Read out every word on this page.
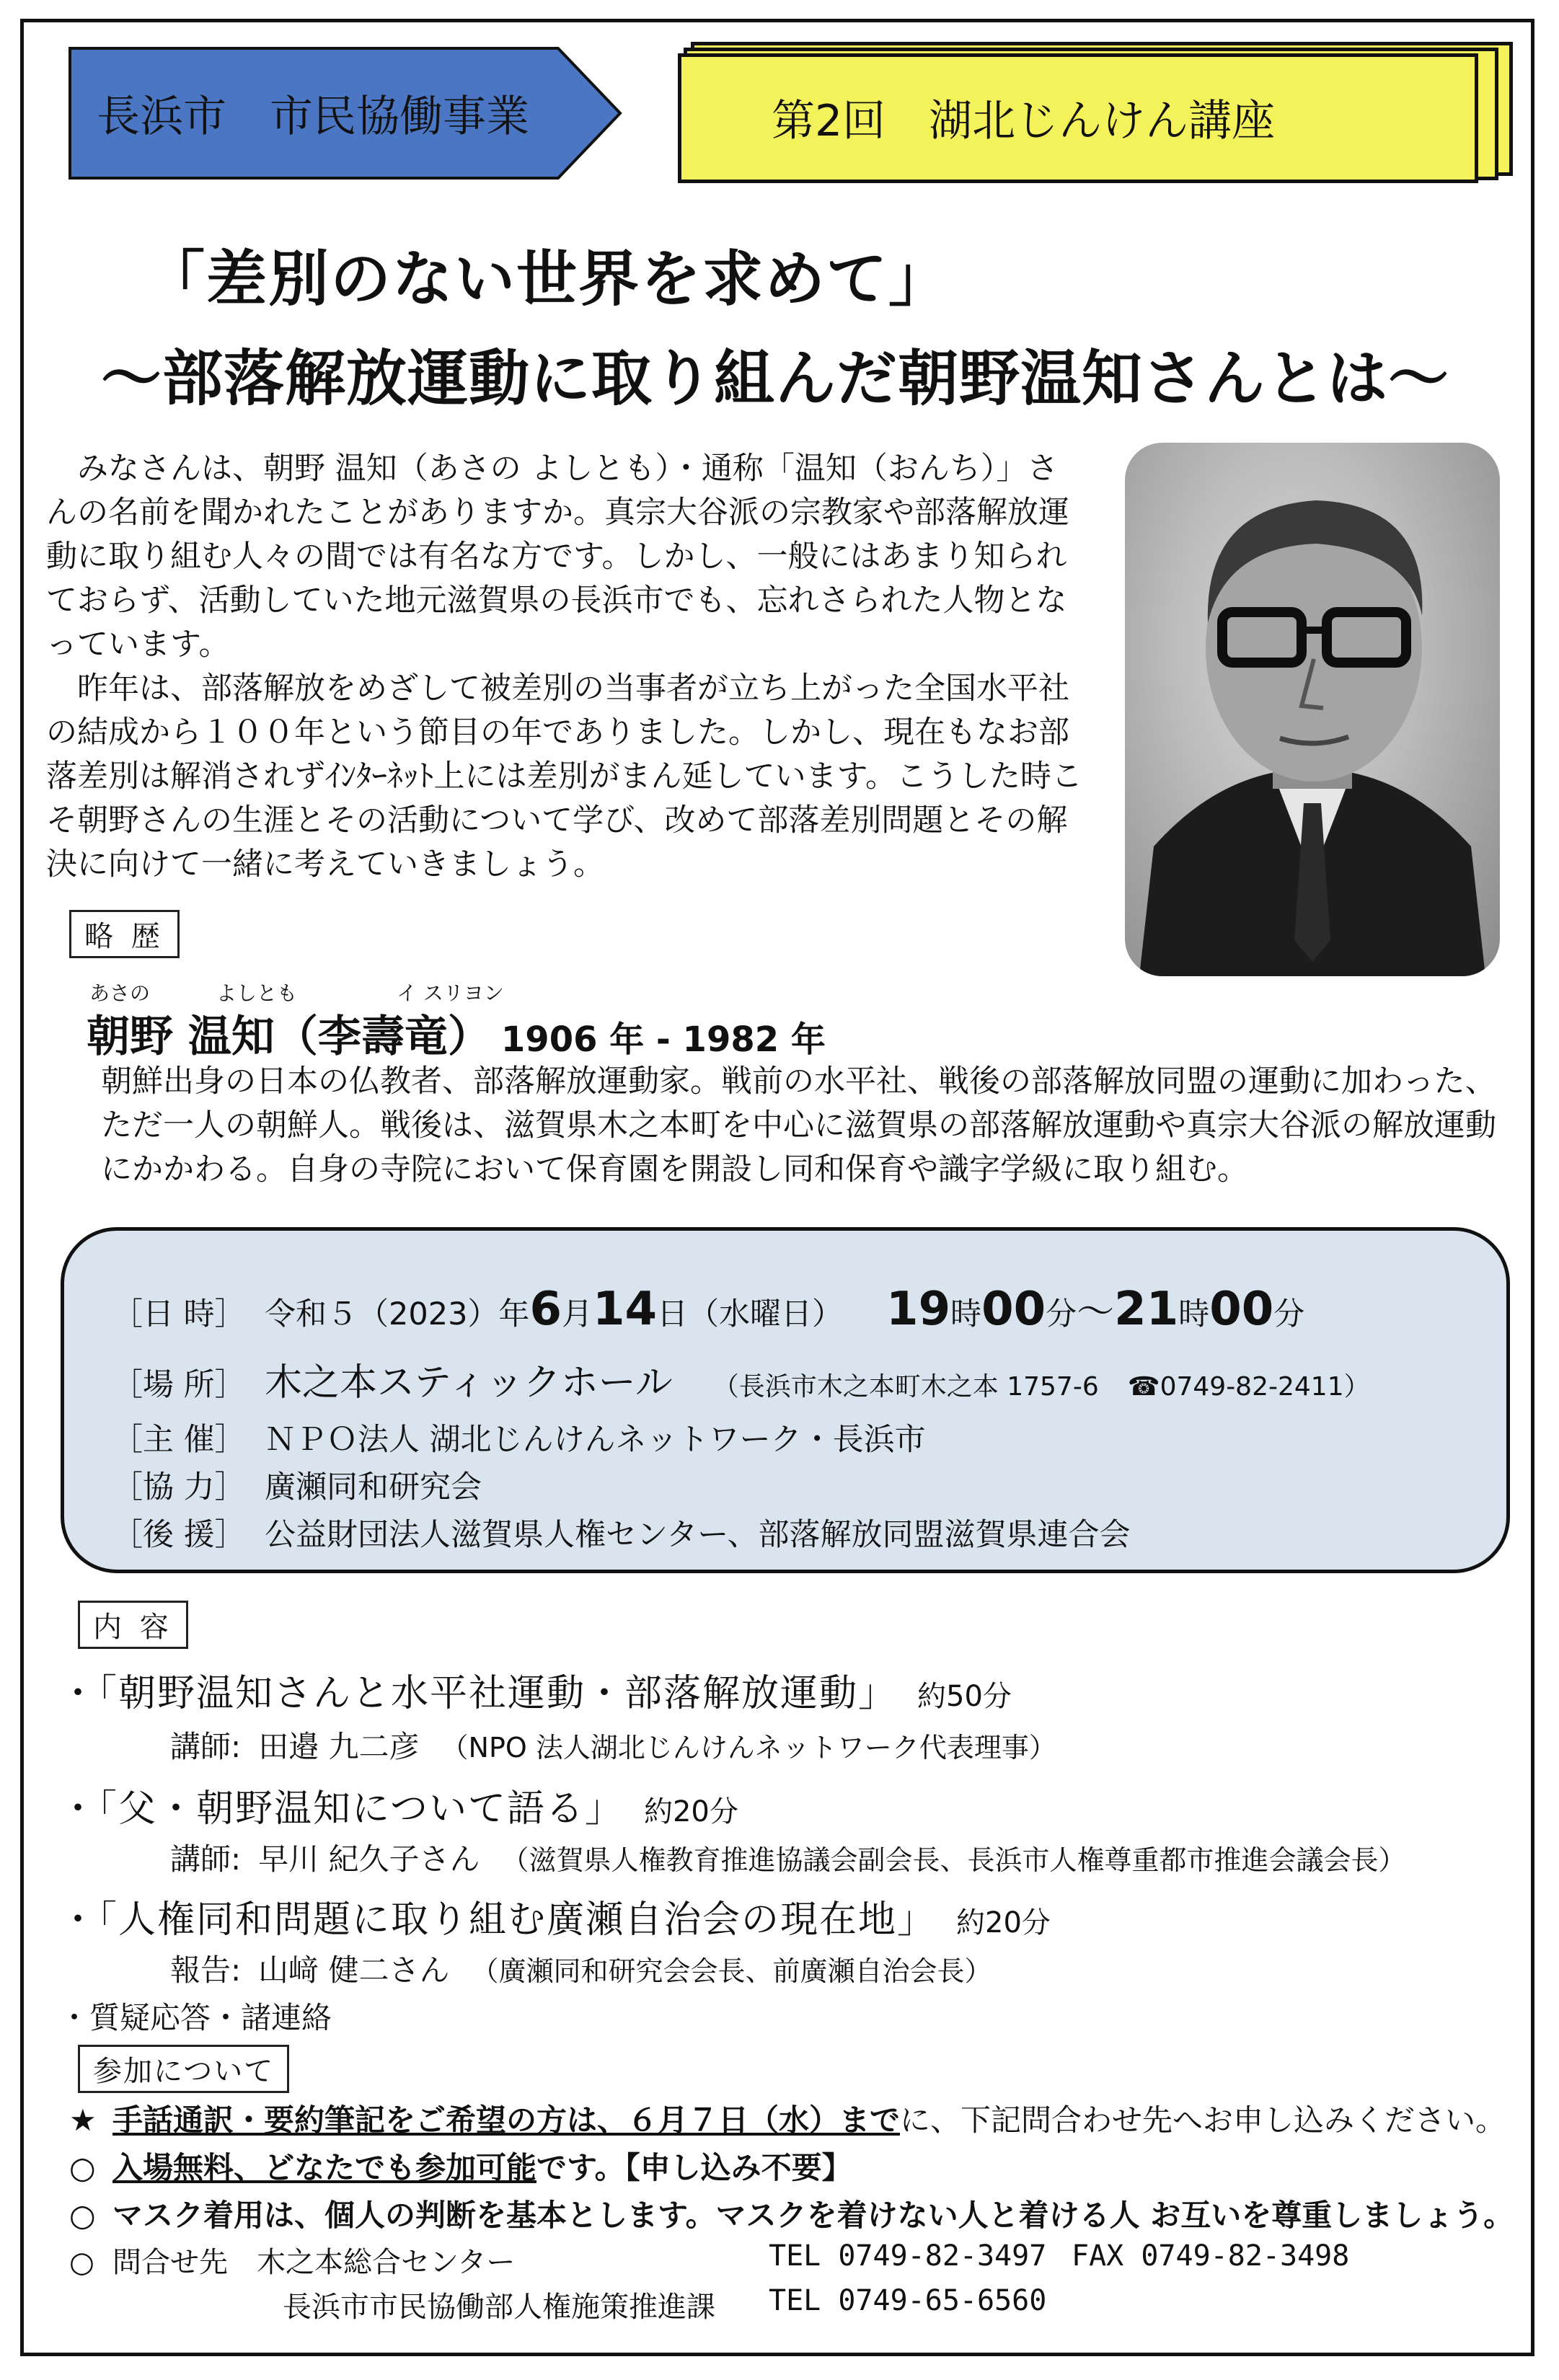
長浜市　市民協働事業	第2回　湖北じんけん講座
「差別のない世界を求めて」
～部落解放運動に取り組んだ朝野温知さんとは～

みなさんは、朝野 温知（あさの よしとも）・通称「温知（おんち）」さんの名前を聞かれたことがありますか。真宗大谷派の宗教家や部落解放運動に取り組む人々の間では有名な方です。しかし、一般にはあまり知られておらず、活動していた地元滋賀県の長浜市でも、忘れさられた人物となっています。

昨年は、部落解放をめざして被差別の当事者が立ち上がった全国水平社の結成から１００年という節目の年でありました。しかし、現在もなお部落差別は解消されずｲﾝﾀｰﾈｯﾄ上には差別がまん延しています。こうした時こそ朝野さんの生涯とその活動について学び、改めて部落差別問題とその解決に向けて一緒に考えていきましょう。

略 歴
あさの	よしとも	イ スリヨン
朝野 温知（李壽竜） 1906 年 - 1982 年
朝鮮出身の日本の仏教者、部落解放運動家。戦前の水平社、戦後の部落解放同盟の運動に加わった、ただ一人の朝鮮人。戦後は、滋賀県木之本町を中心に滋賀県の部落解放運動や真宗大谷派の解放運動にかかわる。自身の寺院において保育園を開設し同和保育や識字学級に取り組む。
［日 時］ 令和５（2023）年6月14日（水曜日） 19時00分～21時00分
［場 所］ 木之本スティックホール （長浜市木之本町木之本 1757-6 ☎0749-82-2411）
［主 催］ ＮＰＯ法人 湖北じんけんネットワーク・長浜市
［協 力］ 廣瀬同和研究会
［後 援］ 公益財団法人滋賀県人権センター、部落解放同盟滋賀県連合会
内 容
・「朝野温知さんと水平社運動・部落解放運動」　 約50分
講師: 田邉 九二彦 （NPO 法人湖北じんけんネットワーク代表理事）
・「父・朝野温知について語る」　 約20分
講師: 早川 紀久子さん （滋賀県人権教育推進協議会副会長、長浜市人権尊重都市推進会議会長）
・「人権同和問題に取り組む廣瀬自治会の現在地」　 約20分
報告: 山﨑 健二さん （廣瀬同和研究会会長、前廣瀬自治会長）
・質疑応答・諸連絡
参加について
★ 手話通訳・要約筆記をご希望の方は、６月７日（水）までに、下記問合わせ先へお申し込みください。
○ 入場無料、どなたでも参加可能です。【申し込み不要】
○ マスク着用は、個人の判断を基本とします。マスクを着けない人と着ける人 お互いを尊重しましょう。
○ 問合せ先　 木之本総合センター	TEL 0749-82-3497 FAX 0749-82-3498
長浜市市民協働部人権施策推進課 TEL 0749-65-6560
